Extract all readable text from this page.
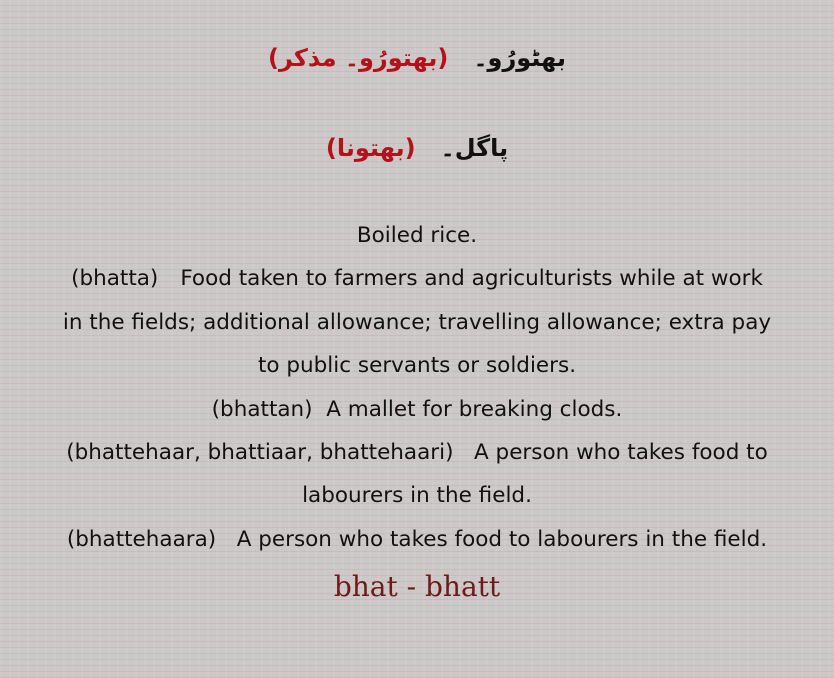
بھٹورُو۔   (بھتورُو۔ مذکر)
پاگل۔   (بھتونا)
Boiled rice.
(bhatta) Food taken to farmers and agriculturists while at work
in the fields; additional allowance; travelling allowance; extra pay
to public servants or soldiers.
(bhattan) A mallet for breaking clods.
(bhattehaar, bhattiaar, bhattehaari) A person who takes food to
labourers in the field.
(bhattehaara) A person who takes food to labourers in the field.
bhat - bhatt
